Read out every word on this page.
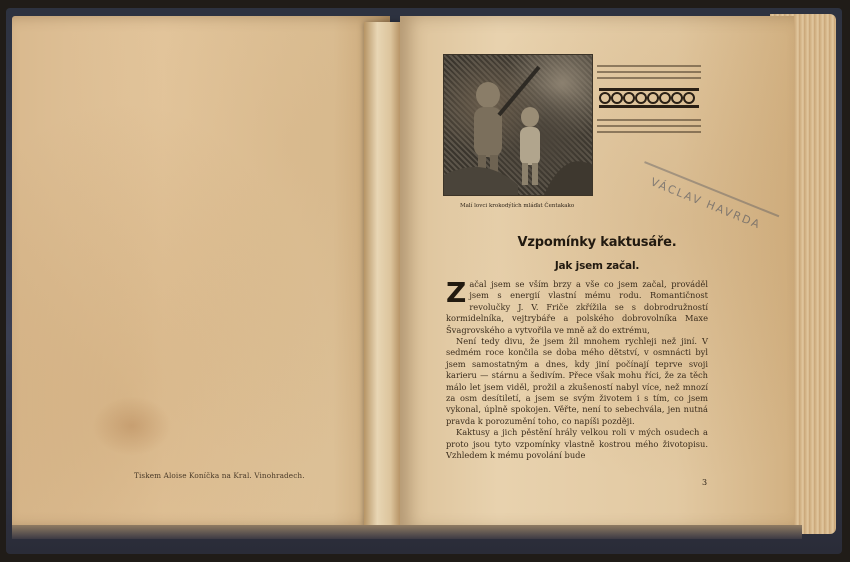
Tiskem Aloise Koníčka na Kral. Vinohradech.
Malí lovci krokodýlích mláďat Čentakako	VÁCLAV HAVRDA
Vzpomínky kaktusáře.
Jak jsem začal.
Z ačal jsem se vším brzy a vše co jsem začal, prováděl jsem s energií vlastní mému rodu. Romantičnost revolučky J. V. Friče zkřížila se s dobrodružností kormidelníka, vejtrybáře a polského dobrovolníka Maxe Švagrovského a vytvořila ve mně až do extrému,

Není tedy divu, že jsem žil mnohem rychleji než jiní. V sedmém roce končila se doba mého dětství, v osmnácti byl jsem samostatným a dnes, kdy jiní počínají teprve svoji karieru — stárnu a šedivím. Přece však mohu říci, že za těch málo let jsem viděl, prožil a zkušeností nabyl více, než mnozí za osm desítiletí, a jsem se svým životem i s tím, co jsem vykonal, úplně spokojen. Věřte, není to sebechvála, jen nutná pravda k porozumění toho, co napíši později.

Kaktusy a jich pěstění hrály velkou roli v mých osudech a proto jsou tyto vzpomínky vlastně kostrou mého životopisu. Vzhledem k mému povolání bude

3
